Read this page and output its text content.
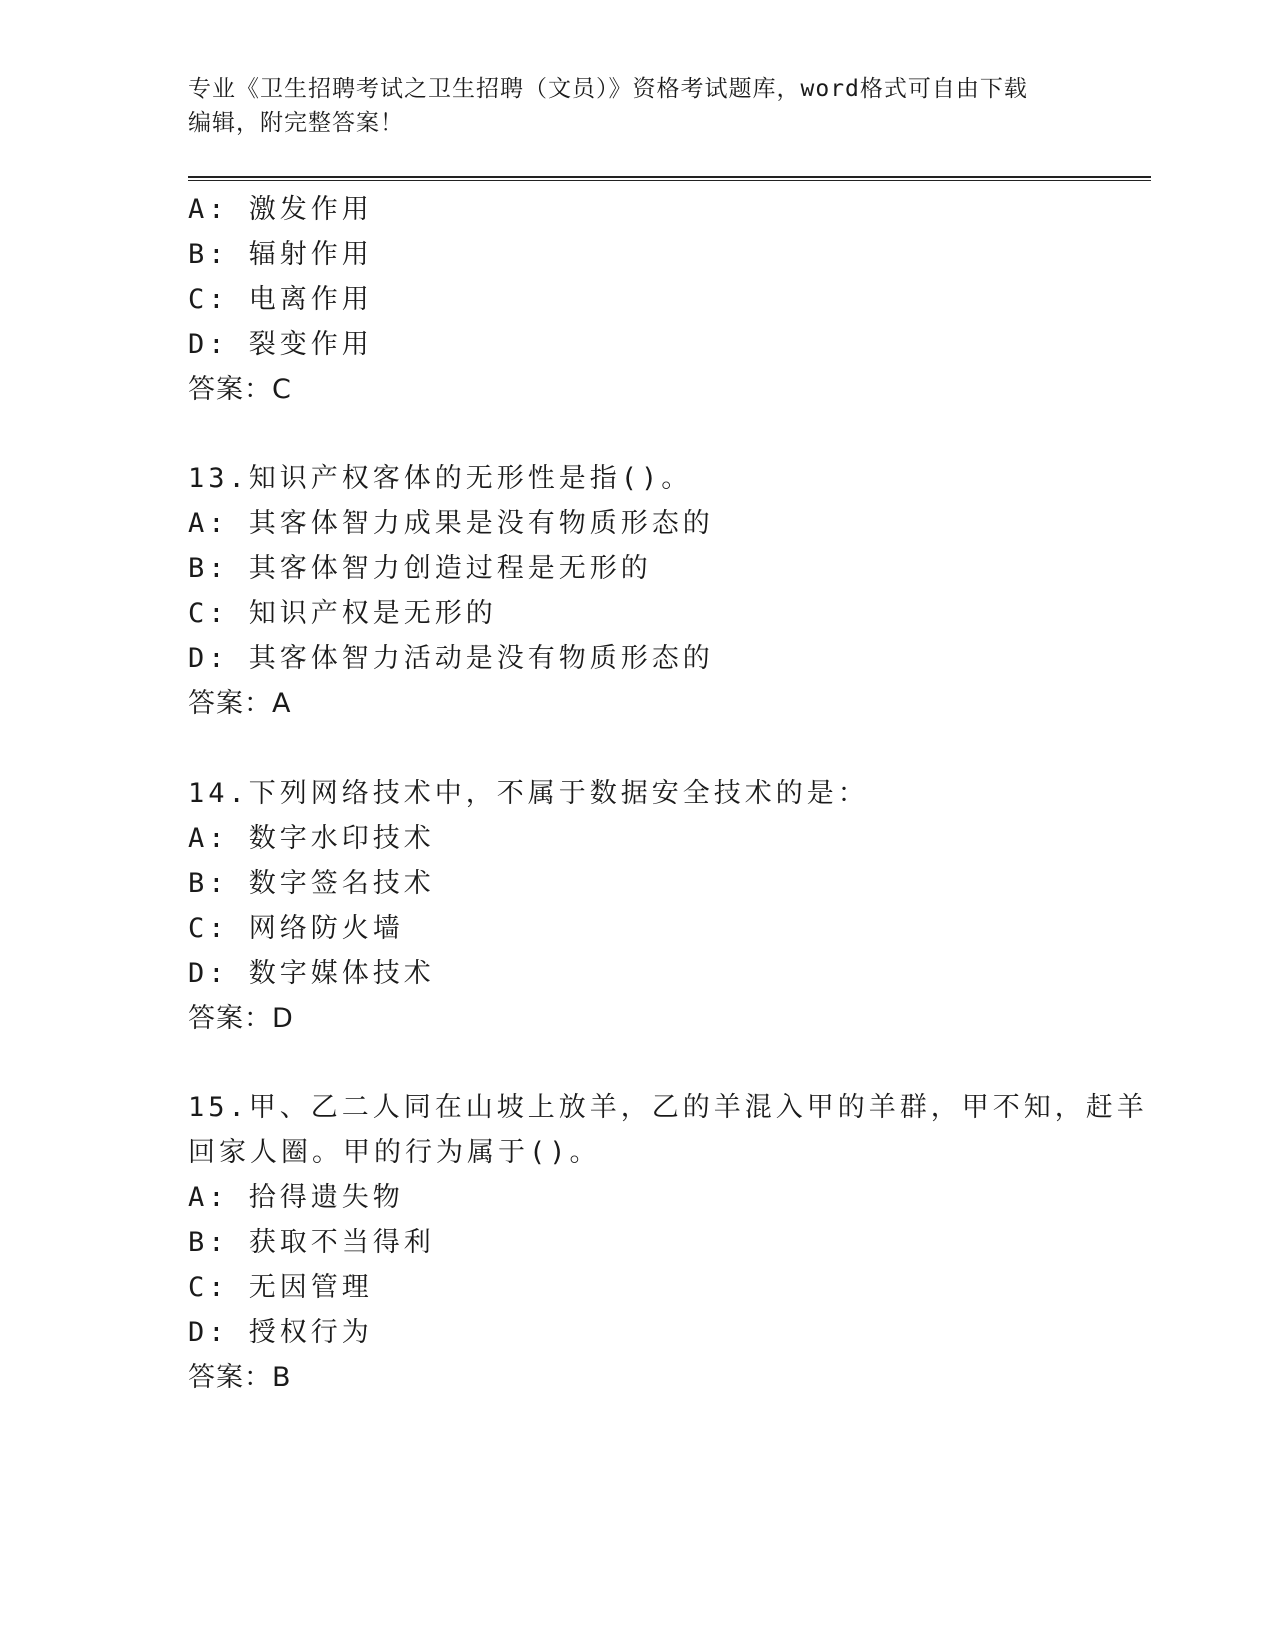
专业《卫生招聘考试之卫生招聘（文员）》资格考试题库，word格式可自由下载
编辑，附完整答案！
A: 激发作用
B: 辐射作用
C: 电离作用
D: 裂变作用
答案：C
13.知识产权客体的无形性是指()。
A: 其客体智力成果是没有物质形态的
B: 其客体智力创造过程是无形的
C: 知识产权是无形的
D: 其客体智力活动是没有物质形态的
答案：A
14.下列网络技术中，不属于数据安全技术的是：
A: 数字水印技术
B: 数字签名技术
C: 网络防火墙
D: 数字媒体技术
答案：D
15.甲、乙二人同在山坡上放羊，乙的羊混入甲的羊群，甲不知，赶羊
回家人圈。甲的行为属于()。
A: 拾得遗失物
B: 获取不当得利
C: 无因管理
D: 授权行为
答案：B
